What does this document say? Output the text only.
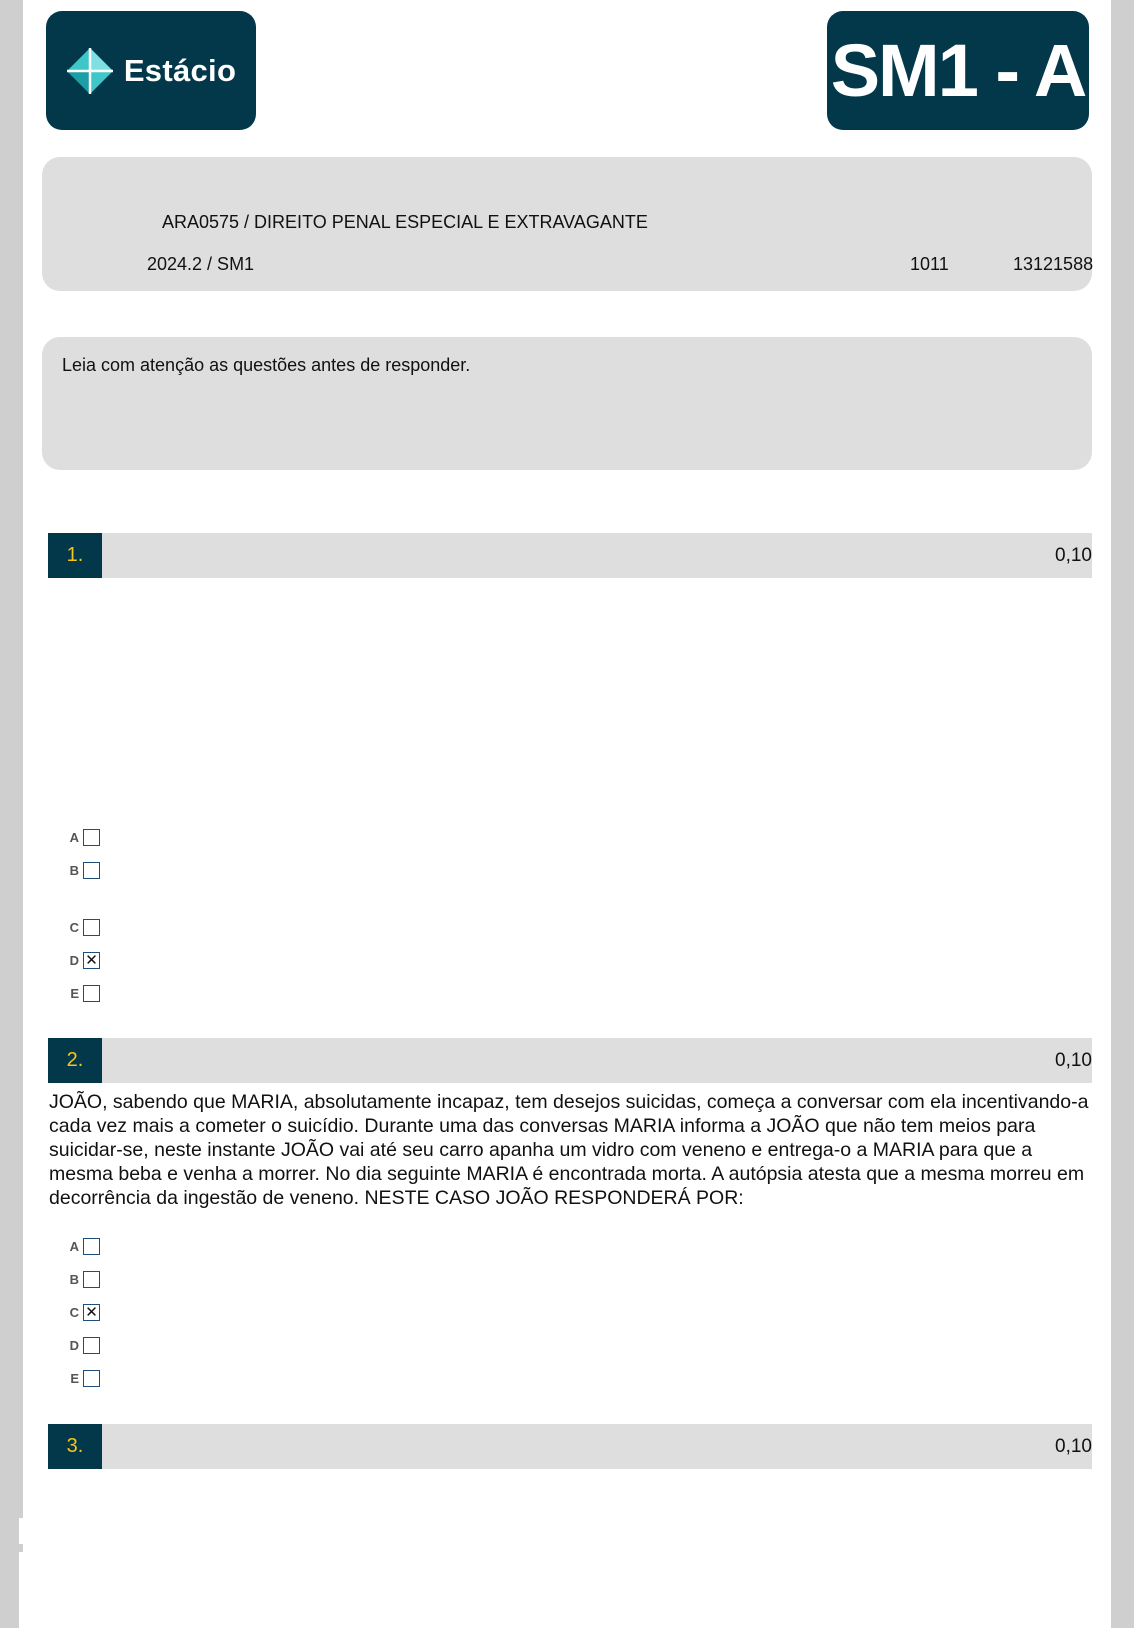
Estácio	SM1 - A
ARA0575 / DIREITO PENAL ESPECIAL E EXTRAVAGANTE
2024.2 / SM1	1011	13121588
Leia com atenção as questões antes de responder.
1.	0,10
A
B
C
D ✕
E
2.	0,10
JOÃO, sabendo que MARIA, absolutamente incapaz, tem desejos suicidas, começa a conversar com ela incentivando-a cada vez mais a cometer o suicídio. Durante uma das conversas MARIA informa a JOÃO que não tem meios para suicidar-se, neste instante JOÃO vai até seu carro apanha um vidro com veneno e entrega-o a MARIA para que a mesma beba e venha a morrer. No dia seguinte MARIA é encontrada morta. A autópsia atesta que a mesma morreu em decorrência da ingestão de veneno. NESTE CASO JOÃO RESPONDERÁ POR:
A
B
C ✕
D
E
3.	0,10
